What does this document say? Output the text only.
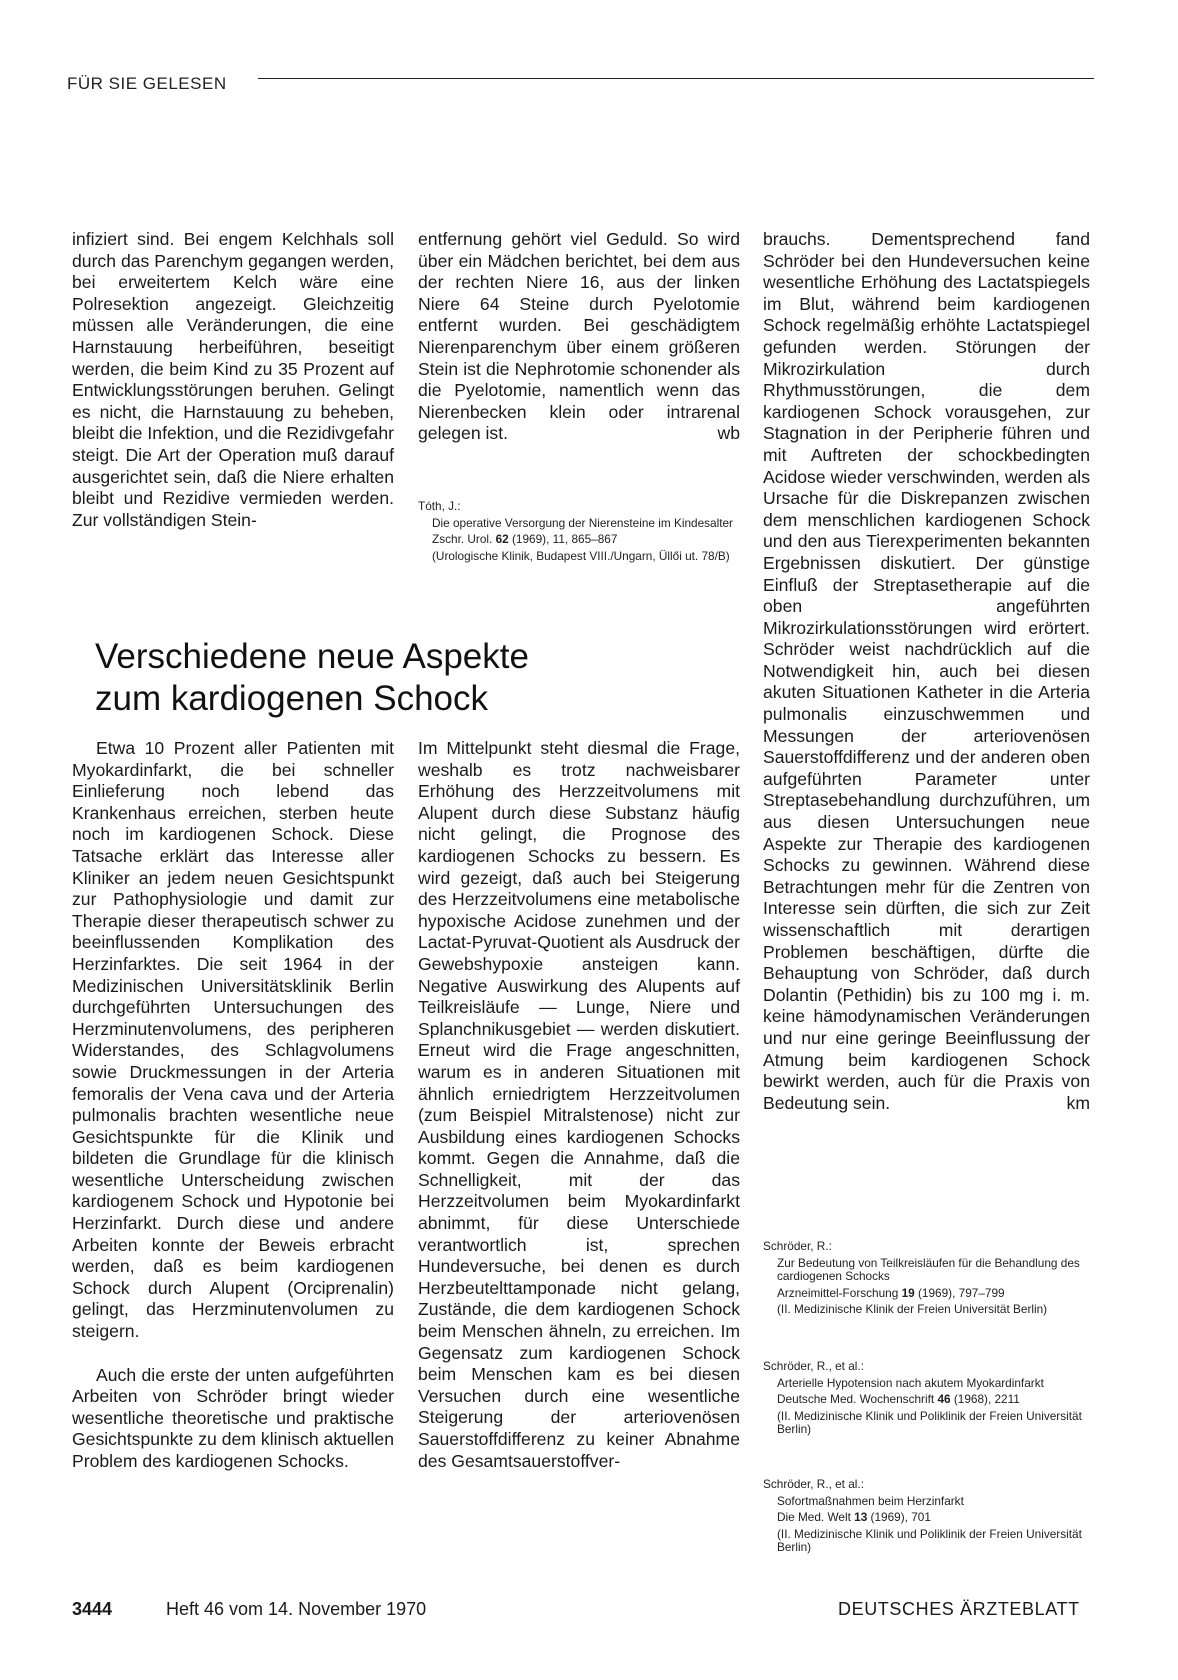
FÜR SIE GELESEN

infiziert sind. Bei engem Kelchhals soll durch das Parenchym gegangen werden, bei erweitertem Kelch wäre eine Polresektion angezeigt. Gleichzeitig müssen alle Veränderungen, die eine Harnstauung herbeiführen, beseitigt werden, die beim Kind zu 35 Prozent auf Entwicklungsstörungen beruhen. Gelingt es nicht, die Harnstauung zu beheben, bleibt die Infektion, und die Rezidivgefahr steigt. Die Art der Operation muß darauf ausgerichtet sein, daß die Niere erhalten bleibt und Rezidive vermieden werden. Zur vollständigen Stein-

entfernung gehört viel Geduld. So wird über ein Mädchen berichtet, bei dem aus der rechten Niere 16, aus der linken Niere 64 Steine durch Pyelotomie entfernt wurden. Bei geschädigtem Nierenparenchym über einem größeren Stein ist die Nephrotomie schonender als die Pyelotomie, namentlich wenn das Nierenbecken klein oder intrarenal gelegen ist.	wb

Tóth, J.:

Die operative Versorgung der Nierensteine im Kindesalter

Zschr. Urol. 62 (1969), 11, 865–867

(Urologische Klinik, Budapest VIII./Ungarn, Üllői ut. 78/B)

Verschiedene neue Aspekte
zum kardiogenen Schock

Etwa 10 Prozent aller Patienten mit Myokardinfarkt, die bei schneller Einlieferung noch lebend das Krankenhaus erreichen, sterben heute noch im kardiogenen Schock. Diese Tatsache erklärt das Interesse aller Kliniker an jedem neuen Gesichtspunkt zur Pathophysiologie und damit zur Therapie dieser therapeutisch schwer zu beeinflussenden Komplikation des Herzinfarktes. Die seit 1964 in der Medizinischen Universitätsklinik Berlin durchgeführten Untersuchungen des Herzminutenvolumens, des peripheren Widerstandes, des Schlagvolumens sowie Druckmessungen in der Arteria femoralis der Vena cava und der Arteria pulmonalis brachten wesentliche neue Gesichtspunkte für die Klinik und bildeten die Grundlage für die klinisch wesentliche Unterscheidung zwischen kardiogenem Schock und Hypotonie bei Herzinfarkt. Durch diese und andere Arbeiten konnte der Beweis erbracht werden, daß es beim kardiogenen Schock durch Alupent (Orciprenalin) gelingt, das Herzminutenvolumen zu steigern.

Auch die erste der unten aufgeführten Arbeiten von Schröder bringt wieder wesentliche theoretische und praktische Gesichtspunkte zu dem klinisch aktuellen Problem des kardiogenen Schocks.

Im Mittelpunkt steht diesmal die Frage, weshalb es trotz nachweisbarer Erhöhung des Herzzeitvolumens mit Alupent durch diese Substanz häufig nicht gelingt, die Prognose des kardiogenen Schocks zu bessern. Es wird gezeigt, daß auch bei Steigerung des Herzzeitvolumens eine metabolische hypoxische Acidose zunehmen und der Lactat-Pyruvat-Quotient als Ausdruck der Gewebshypoxie ansteigen kann. Negative Auswirkung des Alupents auf Teilkreisläufe — Lunge, Niere und Splanchnikusgebiet — werden diskutiert. Erneut wird die Frage angeschnitten, warum es in anderen Situationen mit ähnlich erniedrigtem Herzzeitvolumen (zum Beispiel Mitralstenose) nicht zur Ausbildung eines kardiogenen Schocks kommt. Gegen die Annahme, daß die Schnelligkeit, mit der das Herzzeitvolumen beim Myokardinfarkt abnimmt, für diese Unterschiede verantwortlich ist, sprechen Hundeversuche, bei denen es durch Herzbeutelttamponade nicht gelang, Zustände, die dem kardiogenen Schock beim Menschen ähneln, zu erreichen. Im Gegensatz zum kardiogenen Schock beim Menschen kam es bei diesen Versuchen durch eine wesentliche Steigerung der arteriovenösen Sauerstoffdifferenz zu keiner Abnahme des Gesamtsauerstoffver-

brauchs. Dementsprechend fand Schröder bei den Hundeversuchen keine wesentliche Erhöhung des Lactatspiegels im Blut, während beim kardiogenen Schock regelmäßig erhöhte Lactatspiegel gefunden werden. Störungen der Mikrozirkulation durch Rhythmusstörungen, die dem kardiogenen Schock vorausgehen, zur Stagnation in der Peripherie führen und mit Auftreten der schockbedingten Acidose wieder verschwinden, werden als Ursache für die Diskrepanzen zwischen dem menschlichen kardiogenen Schock und den aus Tierexperimenten bekannten Ergebnissen diskutiert. Der günstige Einfluß der Streptasetherapie auf die oben angeführten Mikrozirkulationsstörungen wird erörtert. Schröder weist nachdrücklich auf die Notwendigkeit hin, auch bei diesen akuten Situationen Katheter in die Arteria pulmonalis einzuschwemmen und Messungen der arteriovenösen Sauerstoffdifferenz und der anderen oben aufgeführten Parameter unter Streptasebehandlung durchzuführen, um aus diesen Untersuchungen neue Aspekte zur Therapie des kardiogenen Schocks zu gewinnen. Während diese Betrachtungen mehr für die Zentren von Interesse sein dürften, die sich zur Zeit wissenschaftlich mit derartigen Problemen beschäftigen, dürfte die Behauptung von Schröder, daß durch Dolantin (Pethidin) bis zu 100 mg i. m. keine hämodynamischen Veränderungen und nur eine geringe Beeinflussung der Atmung beim kardiogenen Schock bewirkt werden, auch für die Praxis von Bedeutung sein.	km

Schröder, R.:

Zur Bedeutung von Teilkreisläufen für die Behandlung des cardiogenen Schocks

Arzneimittel-Forschung 19 (1969), 797–799

(II. Medizinische Klinik der Freien Universität Berlin)

Schröder, R., et al.:

Arterielle Hypotension nach akutem Myokardinfarkt

Deutsche Med. Wochenschrift 46 (1968), 2211

(II. Medizinische Klinik und Poliklinik der Freien Universität Berlin)

Schröder, R., et al.:

Sofortmaßnahmen beim Herzinfarkt

Die Med. Welt 13 (1969), 701

(II. Medizinische Klinik und Poliklinik der Freien Universität Berlin)

3444	Heft 46 vom 14. November 1970	DEUTSCHES ÄRZTEBLATT
